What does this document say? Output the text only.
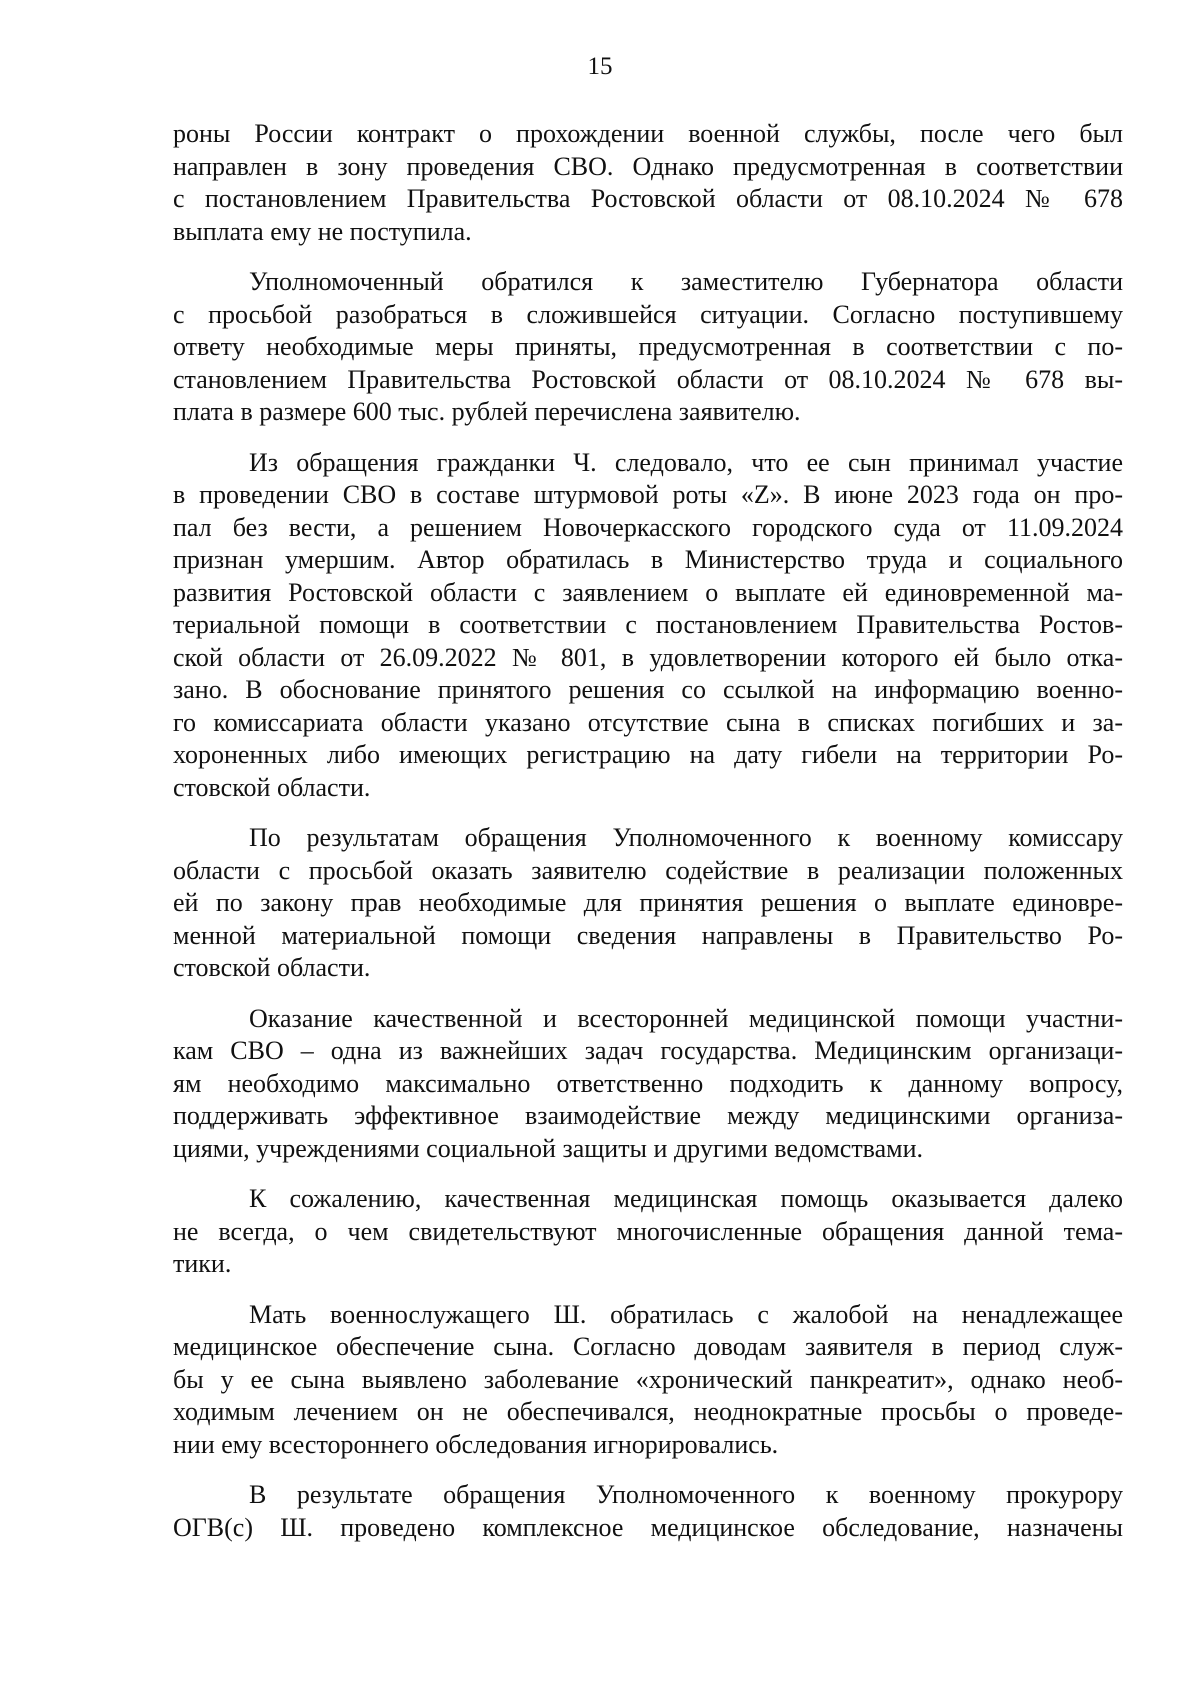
15

роны России контракт о прохождении военной службы, после чего был
направлен в зону проведения СВО. Однако предусмотренная в соответствии
с постановлением Правительства Ростовской области от 08.10.2024 № 678
выплата ему не поступила.

Уполномоченный обратился к заместителю Губернатора области
с просьбой разобраться в сложившейся ситуации. Согласно поступившему
ответу необходимые меры приняты, предусмотренная в соответствии с по-
становлением Правительства Ростовской области от 08.10.2024 № 678 вы-
плата в размере 600 тыс. рублей перечислена заявителю.

Из обращения гражданки Ч. следовало, что ее сын принимал участие
в проведении СВО в составе штурмовой роты «Z». В июне 2023 года он про-
пал без вести, а решением Новочеркасского городского суда от 11.09.2024
признан умершим. Автор обратилась в Министерство труда и социального
развития Ростовской области с заявлением о выплате ей единовременной ма-
териальной помощи в соответствии с постановлением Правительства Ростов-
ской области от 26.09.2022 № 801, в удовлетворении которого ей было отка-
зано. В обоснование принятого решения со ссылкой на информацию военно-
го комиссариата области указано отсутствие сына в списках погибших и за-
хороненных либо имеющих регистрацию на дату гибели на территории Ро-
стовской области.

По результатам обращения Уполномоченного к военному комиссару
области с просьбой оказать заявителю содействие в реализации положенных
ей по закону прав необходимые для принятия решения о выплате единовре-
менной материальной помощи сведения направлены в Правительство Ро-
стовской области.

Оказание качественной и всесторонней медицинской помощи участни-
кам СВО – одна из важнейших задач государства. Медицинским организаци-
ям необходимо максимально ответственно подходить к данному вопросу,
поддерживать эффективное взаимодействие между медицинскими организа-
циями, учреждениями социальной защиты и другими ведомствами.

К сожалению, качественная медицинская помощь оказывается далеко
не всегда, о чем свидетельствуют многочисленные обращения данной тема-
тики.

Мать военнослужащего Ш. обратилась с жалобой на ненадлежащее
медицинское обеспечение сына. Согласно доводам заявителя в период служ-
бы у ее сына выявлено заболевание «хронический панкреатит», однако необ-
ходимым лечением он не обеспечивался, неоднократные просьбы о проведе-
нии ему всестороннего обследования игнорировались.

В результате обращения Уполномоченного к военному прокурору
ОГВ(с) Ш. проведено комплексное медицинское обследование, назначены
